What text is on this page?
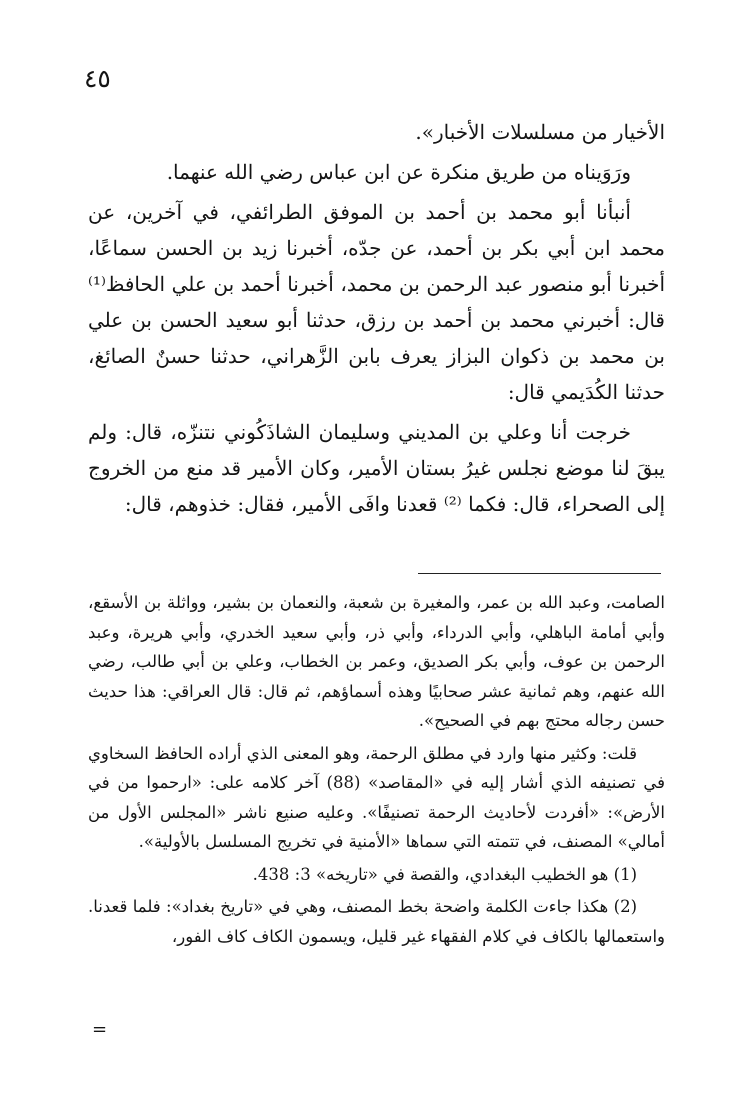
٤٥

الأخيار من مسلسلات الأخبار».

ورَوَيناه من طريق منكرة عن ابن عباس رضي الله عنهما.

أنبأنا أبو محمد بن أحمد بن الموفق الطرائفي، في آخرين، عن محمد ابن أبي بكر بن أحمد، عن جدّه، أخبرنا زيد بن الحسن سماعًا، أخبرنا أبو منصور عبد الرحمن بن محمد، أخبرنا أحمد بن علي الحافظ⁽¹⁾ قال: أخبرني محمد بن أحمد بن رزق، حدثنا أبو سعيد الحسن بن علي بن محمد بن ذكوان البزاز يعرف بابن الزَّهراني، حدثنا حسنٌ الصائغ، حدثنا الكُدَيمي قال:

خرجت أنا وعلي بن المديني وسليمان الشاذَكُوني نتنزّه، قال: ولم يبقَ لنا موضع نجلس غيرُ بستان الأمير، وكان الأمير قد منع من الخروج إلى الصحراء، قال: فكما ⁽²⁾ قعدنا وافَى الأمير، فقال: خذوهم، قال:

الصامت، وعبد الله بن عمر، والمغيرة بن شعبة، والنعمان بن بشير، وواثلة بن الأسقع، وأبي أمامة الباهلي، وأبي الدرداء، وأبي ذر، وأبي سعيد الخدري، وأبي هريرة، وعبد الرحمن بن عوف، وأبي بكر الصديق، وعمر بن الخطاب، وعلي بن أبي طالب، رضي الله عنهم، وهم ثمانية عشر صحابيًا وهذه أسماؤهم، ثم قال: قال العراقي: هذا حديث حسن رجاله محتج بهم في الصحيح».

قلت: وكثير منها وارد في مطلق الرحمة، وهو المعنى الذي أراده الحافظ السخاوي في تصنيفه الذي أشار إليه في «المقاصد» (88) آخر كلامه على: «ارحموا من في الأرض»: «أفردت لأحاديث الرحمة تصنيفًا». وعليه صنيع ناشر «المجلس الأول من أمالي» المصنف، في تتمته التي سماها «الأمنية في تخريج المسلسل بالأولية».

(1) هو الخطيب البغدادي، والقصة في «تاريخه» 3: 438.

(2) هكذا جاءت الكلمة واضحة بخط المصنف، وهي في «تاريخ بغداد»: فلما قعدنا. واستعمالها بالكاف في كلام الفقهاء غير قليل، ويسمون الكاف كاف الفور،

=
